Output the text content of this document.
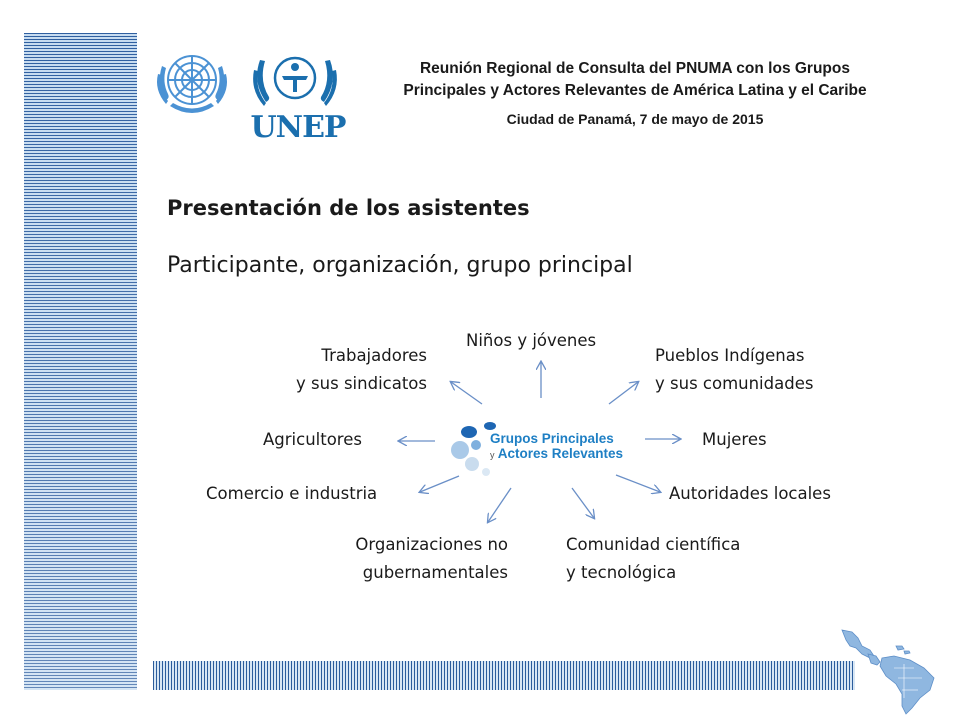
UNEP
Reunión Regional de Consulta del PNUMA con los Grupos
Principales y Actores Relevantes de América Latina y el Caribe
Ciudad de Panamá, 7 de mayo de 2015
Presentación de los asistentes
Participante, organización, grupo principal
Grupos Principales
y Actores Relevantes
Niños y jóvenes
Trabajadores
y sus sindicatos
Pueblos Indígenas
y sus comunidades
Agricultores	Mujeres
Comercio e industria	Autoridades locales
Organizaciones no
gubernamentales
Comunidad científica
y tecnológica
